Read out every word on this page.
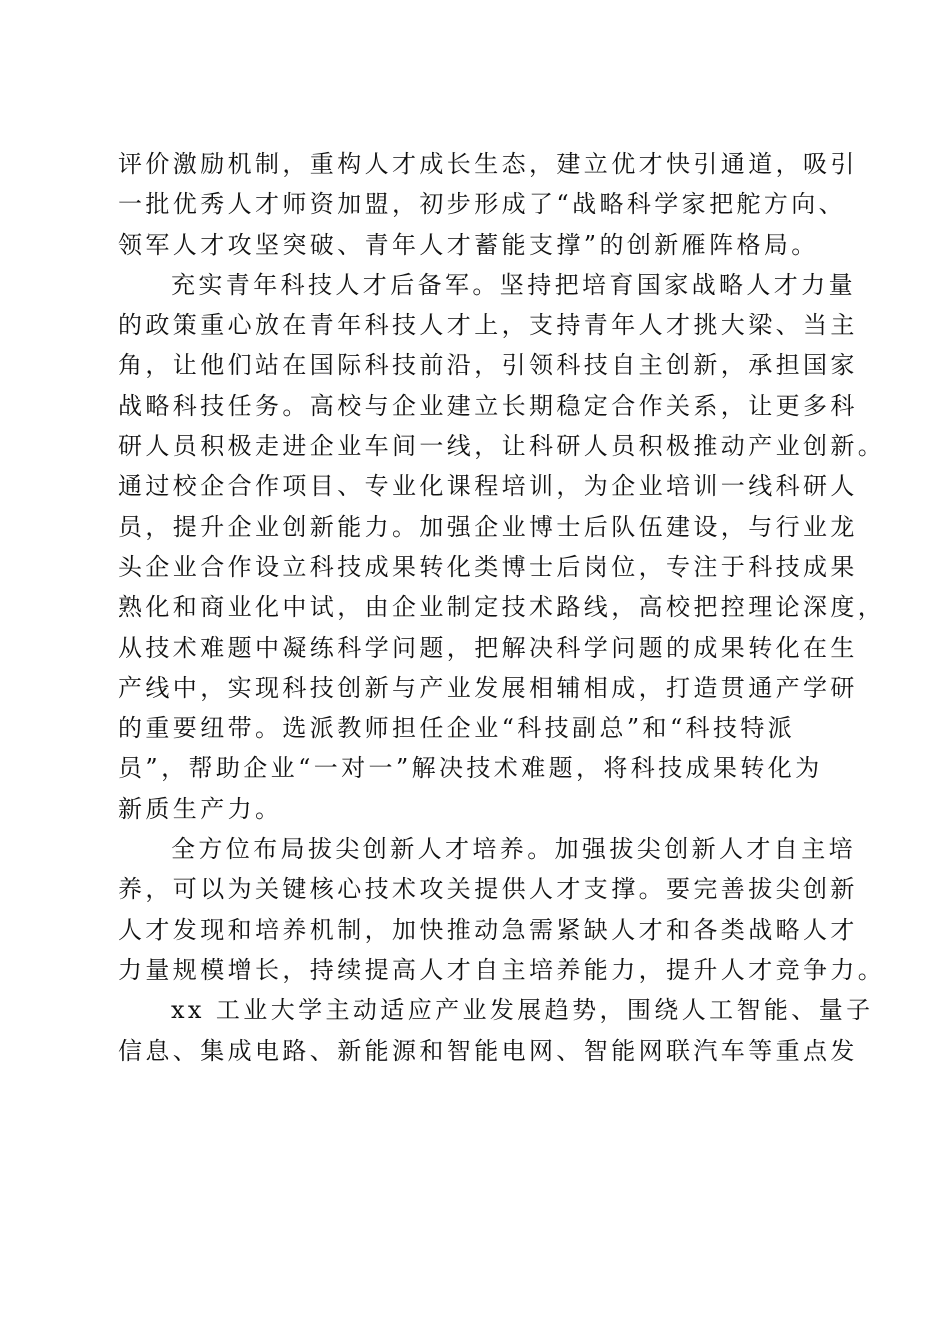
评价激励机制，重构人才成长生态，建立优才快引通道，吸引
一批优秀人才师资加盟，初步形成了“战略科学家把舵方向、
领军人才攻坚突破、青年人才蓄能支撑”的创新雁阵格局。
充实青年科技人才后备军。坚持把培育国家战略人才力量
的政策重心放在青年科技人才上，支持青年人才挑大梁、当主
角，让他们站在国际科技前沿，引领科技自主创新，承担国家
战略科技任务。高校与企业建立长期稳定合作关系，让更多科
研人员积极走进企业车间一线，让科研人员积极推动产业创新。
通过校企合作项目、专业化课程培训，为企业培训一线科研人
员，提升企业创新能力。加强企业博士后队伍建设，与行业龙
头企业合作设立科技成果转化类博士后岗位，专注于科技成果
熟化和商业化中试，由企业制定技术路线，高校把控理论深度，
从技术难题中凝练科学问题，把解决科学问题的成果转化在生
产线中，实现科技创新与产业发展相辅相成，打造贯通产学研
的重要纽带。选派教师担任企业“科技副总”和“科技特派
员”，帮助企业“一对一”解决技术难题，将科技成果转化为
新质生产力。
全方位布局拔尖创新人才培养。加强拔尖创新人才自主培
养，可以为关键核心技术攻关提供人才支撑。要完善拔尖创新
人才发现和培养机制，加快推动急需紧缺人才和各类战略人才
力量规模增长，持续提高人才自主培养能力，提升人才竞争力。
xx 工业大学主动适应产业发展趋势，围绕人工智能、量子
信息、集成电路、新能源和智能电网、智能网联汽车等重点发
